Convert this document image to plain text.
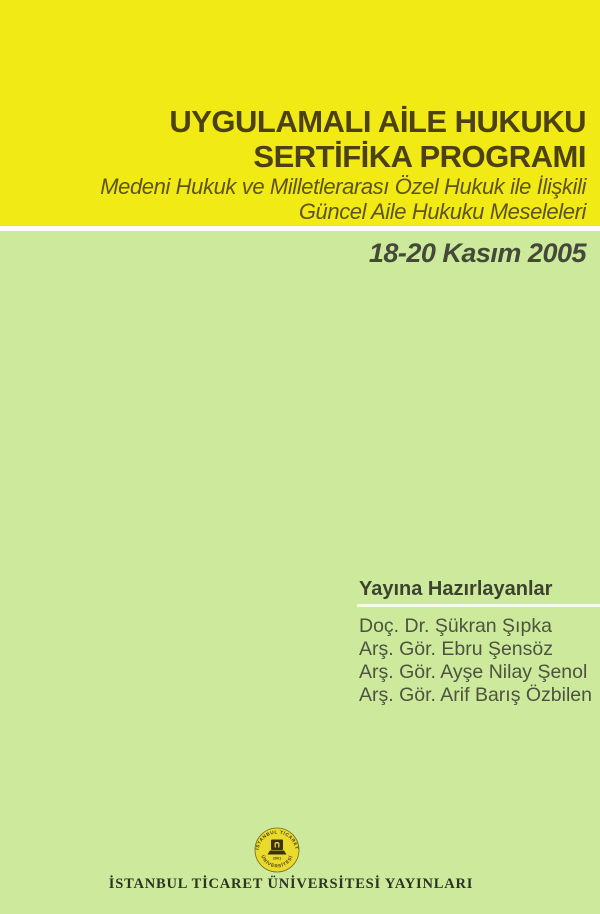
UYGULAMALI AİLE HUKUKU
SERTİFİKA PROGRAMI
Medeni Hukuk ve Milletlerarası Özel Hukuk ile İlişkili
Güncel Aile Hukuku Meseleleri
18-20 Kasım 2005
Yayına Hazırlayanlar
Doç. Dr. Şükran Şıpka
Arş. Gör. Ebru Şensöz
Arş. Gör. Ayşe Nilay Şenol
Arş. Gör. Arif Barış Özbilen
İSTANBUL TİCARET
ÜNİVERSİTESİ
2001
İSTANBUL TİCARET ÜNİVERSİTESİ YAYINLARI
